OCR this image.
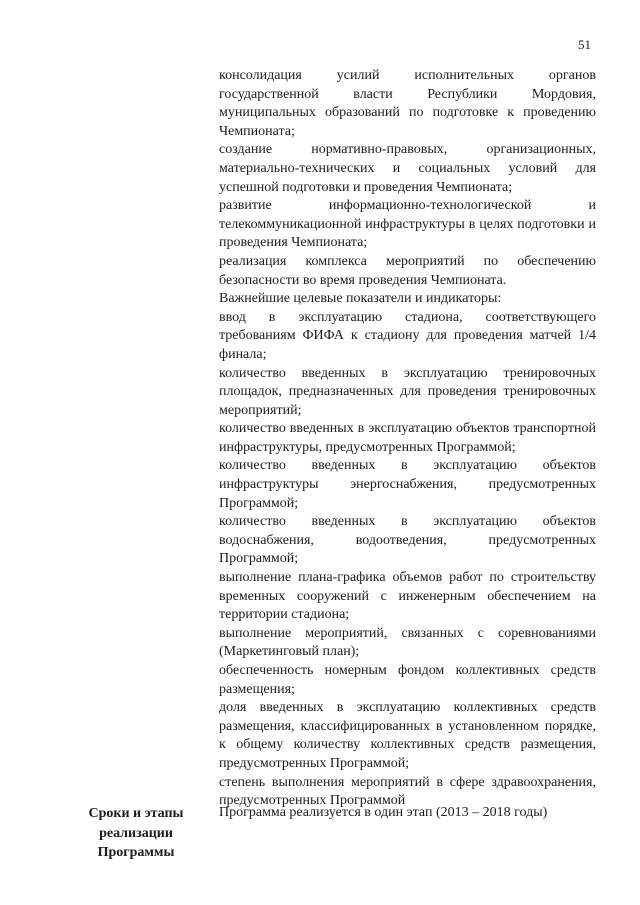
51

консолидация усилий исполнительных органов государственной власти Республики Мордовия, муниципальных образований по подготовке к проведению Чемпионата;

создание нормативно-правовых, организационных, материально-технических и социальных условий для успешной подготовки и проведения Чемпионата;

развитие информационно-технологической и телекоммуникационной инфраструктуры в целях подготовки и проведения Чемпионата;

реализация комплекса мероприятий по обеспечению безопасности во время проведения Чемпионата.

Важнейшие целевые показатели и индикаторы:

ввод в эксплуатацию стадиона, соответствующего требованиям ФИФА к стадиону для проведения матчей 1/4 финала;

количество введенных в эксплуатацию тренировочных площадок, предназначенных для проведения тренировочных мероприятий;

количество введенных в эксплуатацию объектов транспортной инфраструктуры, предусмотренных Программой;

количество введенных в эксплуатацию объектов инфраструктуры энергоснабжения, предусмотренных Программой;

количество введенных в эксплуатацию объектов водоснабжения, водоотведения, предусмотренных Программой;

выполнение плана-графика объемов работ по строительству временных сооружений с инженерным обеспечением на территории стадиона;

выполнение мероприятий, связанных с соревнованиями (Маркетинговый план);

обеспеченность номерным фондом коллективных средств размещения;

доля введенных в эксплуатацию коллективных средств размещения, классифицированных в установленном порядке, к общему количеству коллективных средств размещения, предусмотренных Программой;

степень выполнения мероприятий в сфере здравоохранения, предусмотренных Программой

Сроки и этапы
реализации
Программы
Программа реализуется в один этап (2013 – 2018 годы)
